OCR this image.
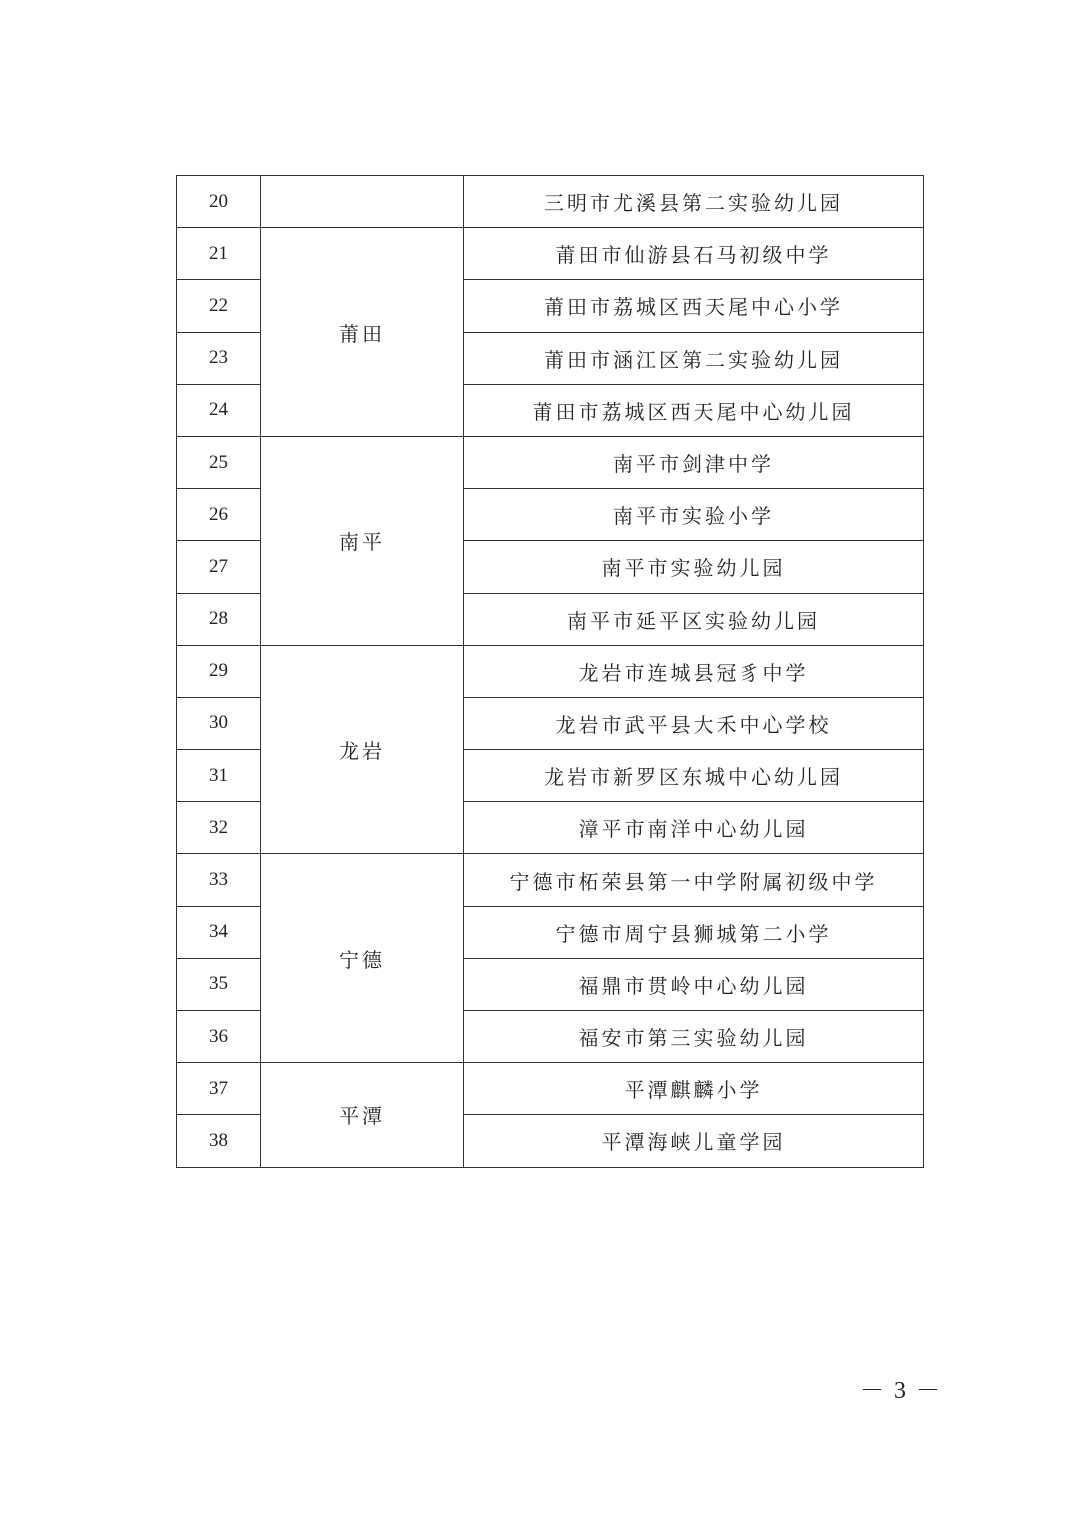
20		三明市尤溪县第二实验幼儿园
21	莆田	莆田市仙游县石马初级中学
22		莆田市荔城区西天尾中心小学
23		莆田市涵江区第二实验幼儿园
24		莆田市荔城区西天尾中心幼儿园
25	南平	南平市剑津中学
26		南平市实验小学
27		南平市实验幼儿园
28		南平市延平区实验幼儿园
29	龙岩	龙岩市连城县冠豸中学
30		龙岩市武平县大禾中心学校
31		龙岩市新罗区东城中心幼儿园
32		漳平市南洋中心幼儿园
33	宁德	宁德市柘荣县第一中学附属初级中学
34		宁德市周宁县狮城第二小学
35		福鼎市贯岭中心幼儿园
36		福安市第三实验幼儿园
37	平潭	平潭麒麟小学
38		平潭海峡儿童学园
－3－
